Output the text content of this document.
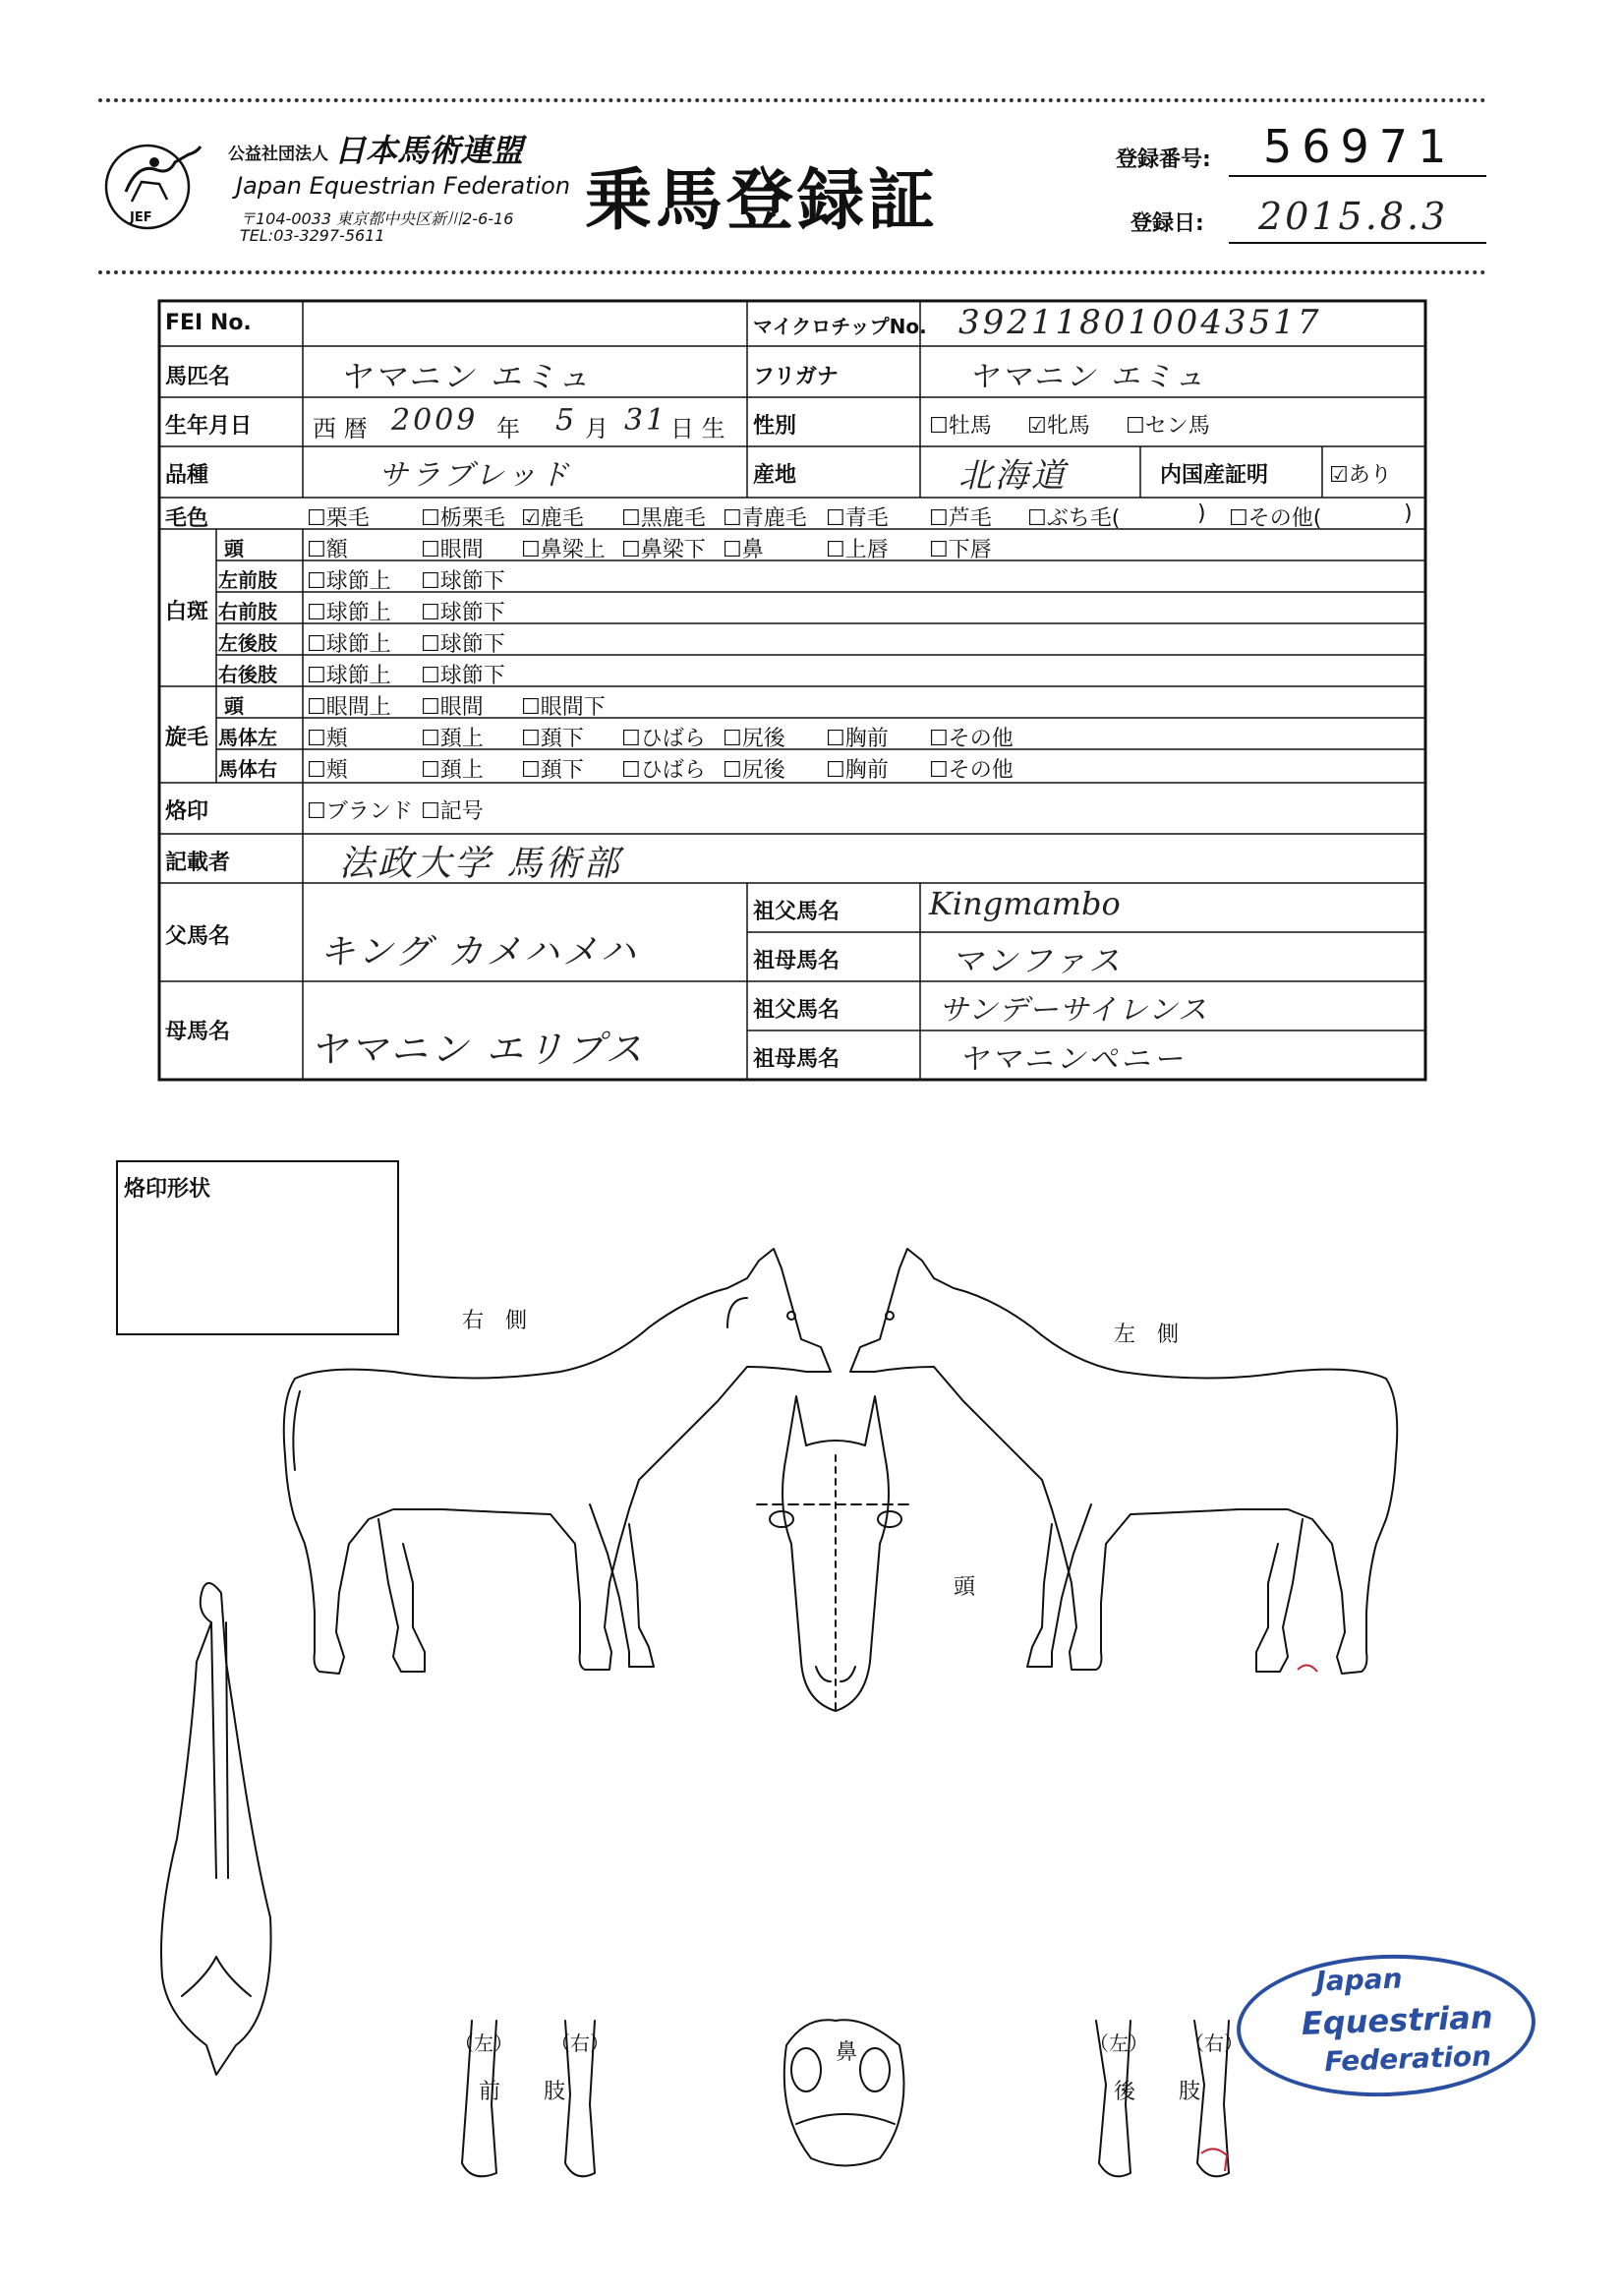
JEF
公益社団法人 日本馬術連盟
Japan Equestrian Federation
〒104-0033 東京都中央区新川2-6-16
TEL:03-3297-5611	乗馬登録証
登録番号: 56971
登録日: 2015.8.3
FEI No.	マイクロチップNo. 392118010043517
馬匹名	ヤマニン エミュ	フリガナ	ヤマニン エミュ
生年月日	西 暦 2009 年 5 月 31 日 生 性別	☐牡馬 ☑牝馬 ☐セン馬
品種	サラブレッド	産地	北海道	内国産証明	☑あり
毛色	☐栗毛 ☐栃栗毛 ☑鹿毛 ☐黒鹿毛 ☐青鹿毛 ☐青毛 ☐芦毛 ☐ぶち毛(	) ☐その他(	)
白斑
頭	☐額	☐眼間 ☐鼻梁上 ☐鼻梁下 ☐鼻	☐上唇 ☐下唇
左前肢 ☐球節上 ☐球節下
右前肢 ☐球節上 ☐球節下
左後肢 ☐球節上 ☐球節下
右後肢 ☐球節上 ☐球節下
旋毛
頭	☐眼間上 ☐眼間 ☐眼間下
馬体左 ☐頬	☐頚上 ☐頚下 ☐ひばら ☐尻後 ☐胸前 ☐その他
馬体右 ☐頬	☐頚上 ☐頚下 ☐ひばら ☐尻後 ☐胸前 ☐その他
烙印	☐ブランド ☐記号
記載者	法政大学 馬術部
父馬名	キング カメハメハ
祖父馬名	Kingmambo
祖母馬名	マンファス
母馬名 ヤマニン エリプス
祖父馬名	サンデーサイレンス
祖母馬名	ヤマニンペニー
烙印形状
右　側
左　側
頭
鼻
（左） （右）
前　　肢
（左） （右）
後　　肢
Japan
Equestrian
Federation
